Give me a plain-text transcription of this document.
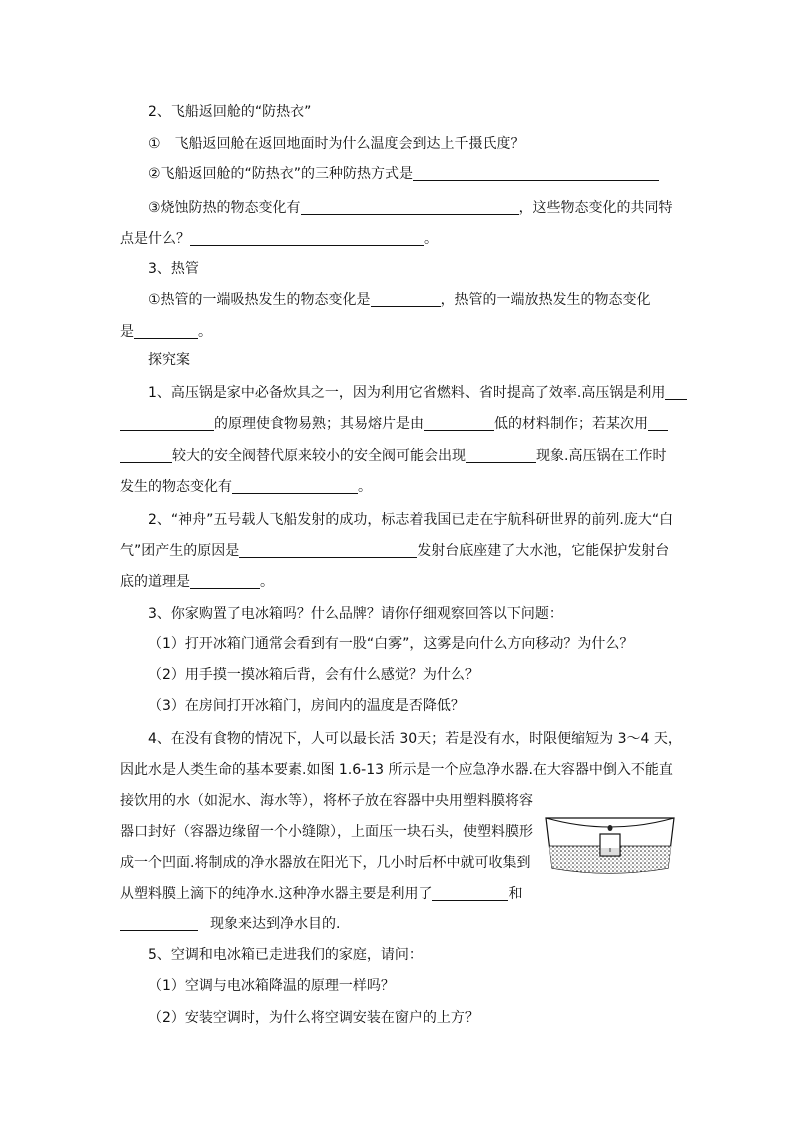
2、飞船返回舱的“防热衣”
①　飞船返回舱在返回地面时为什么温度会到达上千摄氏度？
②飞船返回舱的“防热衣”的三种防热方式是
③烧蚀防热的物态变化有	，这些物态变化的共同特
点是什么？	。
3、热管
①热管的一端吸热发生的物态变化是	，热管的一端放热发生的物态变化
是	。
探究案
1、高压锅是家中必备炊具之一，因为利用它省燃料、省时提高了效率.高压锅是利用
的原理使食物易熟；其易熔片是由	低的材料制作；若某次用
较大的安全阀替代原来较小的安全阀可能会出现	现象.高压锅在工作时
发生的物态变化有	。
2、“神舟”五号载人飞船发射的成功，标志着我国已走在宇航科研世界的前列.庞大“白
气”团产生的原因是	发射台底座建了大水池，它能保护发射台
底的道理是	。
3、你家购置了电冰箱吗？什么品牌？请你仔细观察回答以下问题：
（1）打开冰箱门通常会看到有一股“白雾”，这雾是向什么方向移动？为什么？
（2）用手摸一摸冰箱后背，会有什么感觉？为什么？
（3）在房间打开冰箱门，房间内的温度是否降低？
4、在没有食物的情况下，人可以最长活 30天；若是没有水，时限便缩短为 3～4 天，
因此水是人类生命的基本要素.如图 1.6-13 所示是一个应急净水器.在大容器中倒入不能直
接饮用的水（如泥水、海水等），将杯子放在容器中央用塑料膜将容
器口封好（容器边缘留一个小缝隙），上面压一块石头，使塑料膜形
成一个凹面.将制成的净水器放在阳光下，几小时后杯中就可收集到
从塑料膜上滴下的纯净水.这种净水器主要是利用了	和
现象来达到净水目的.
5、空调和电冰箱已走进我们的家庭，请问：
（1）空调与电冰箱降温的原理一样吗？
（2）安装空调时，为什么将空调安装在窗户的上方？
